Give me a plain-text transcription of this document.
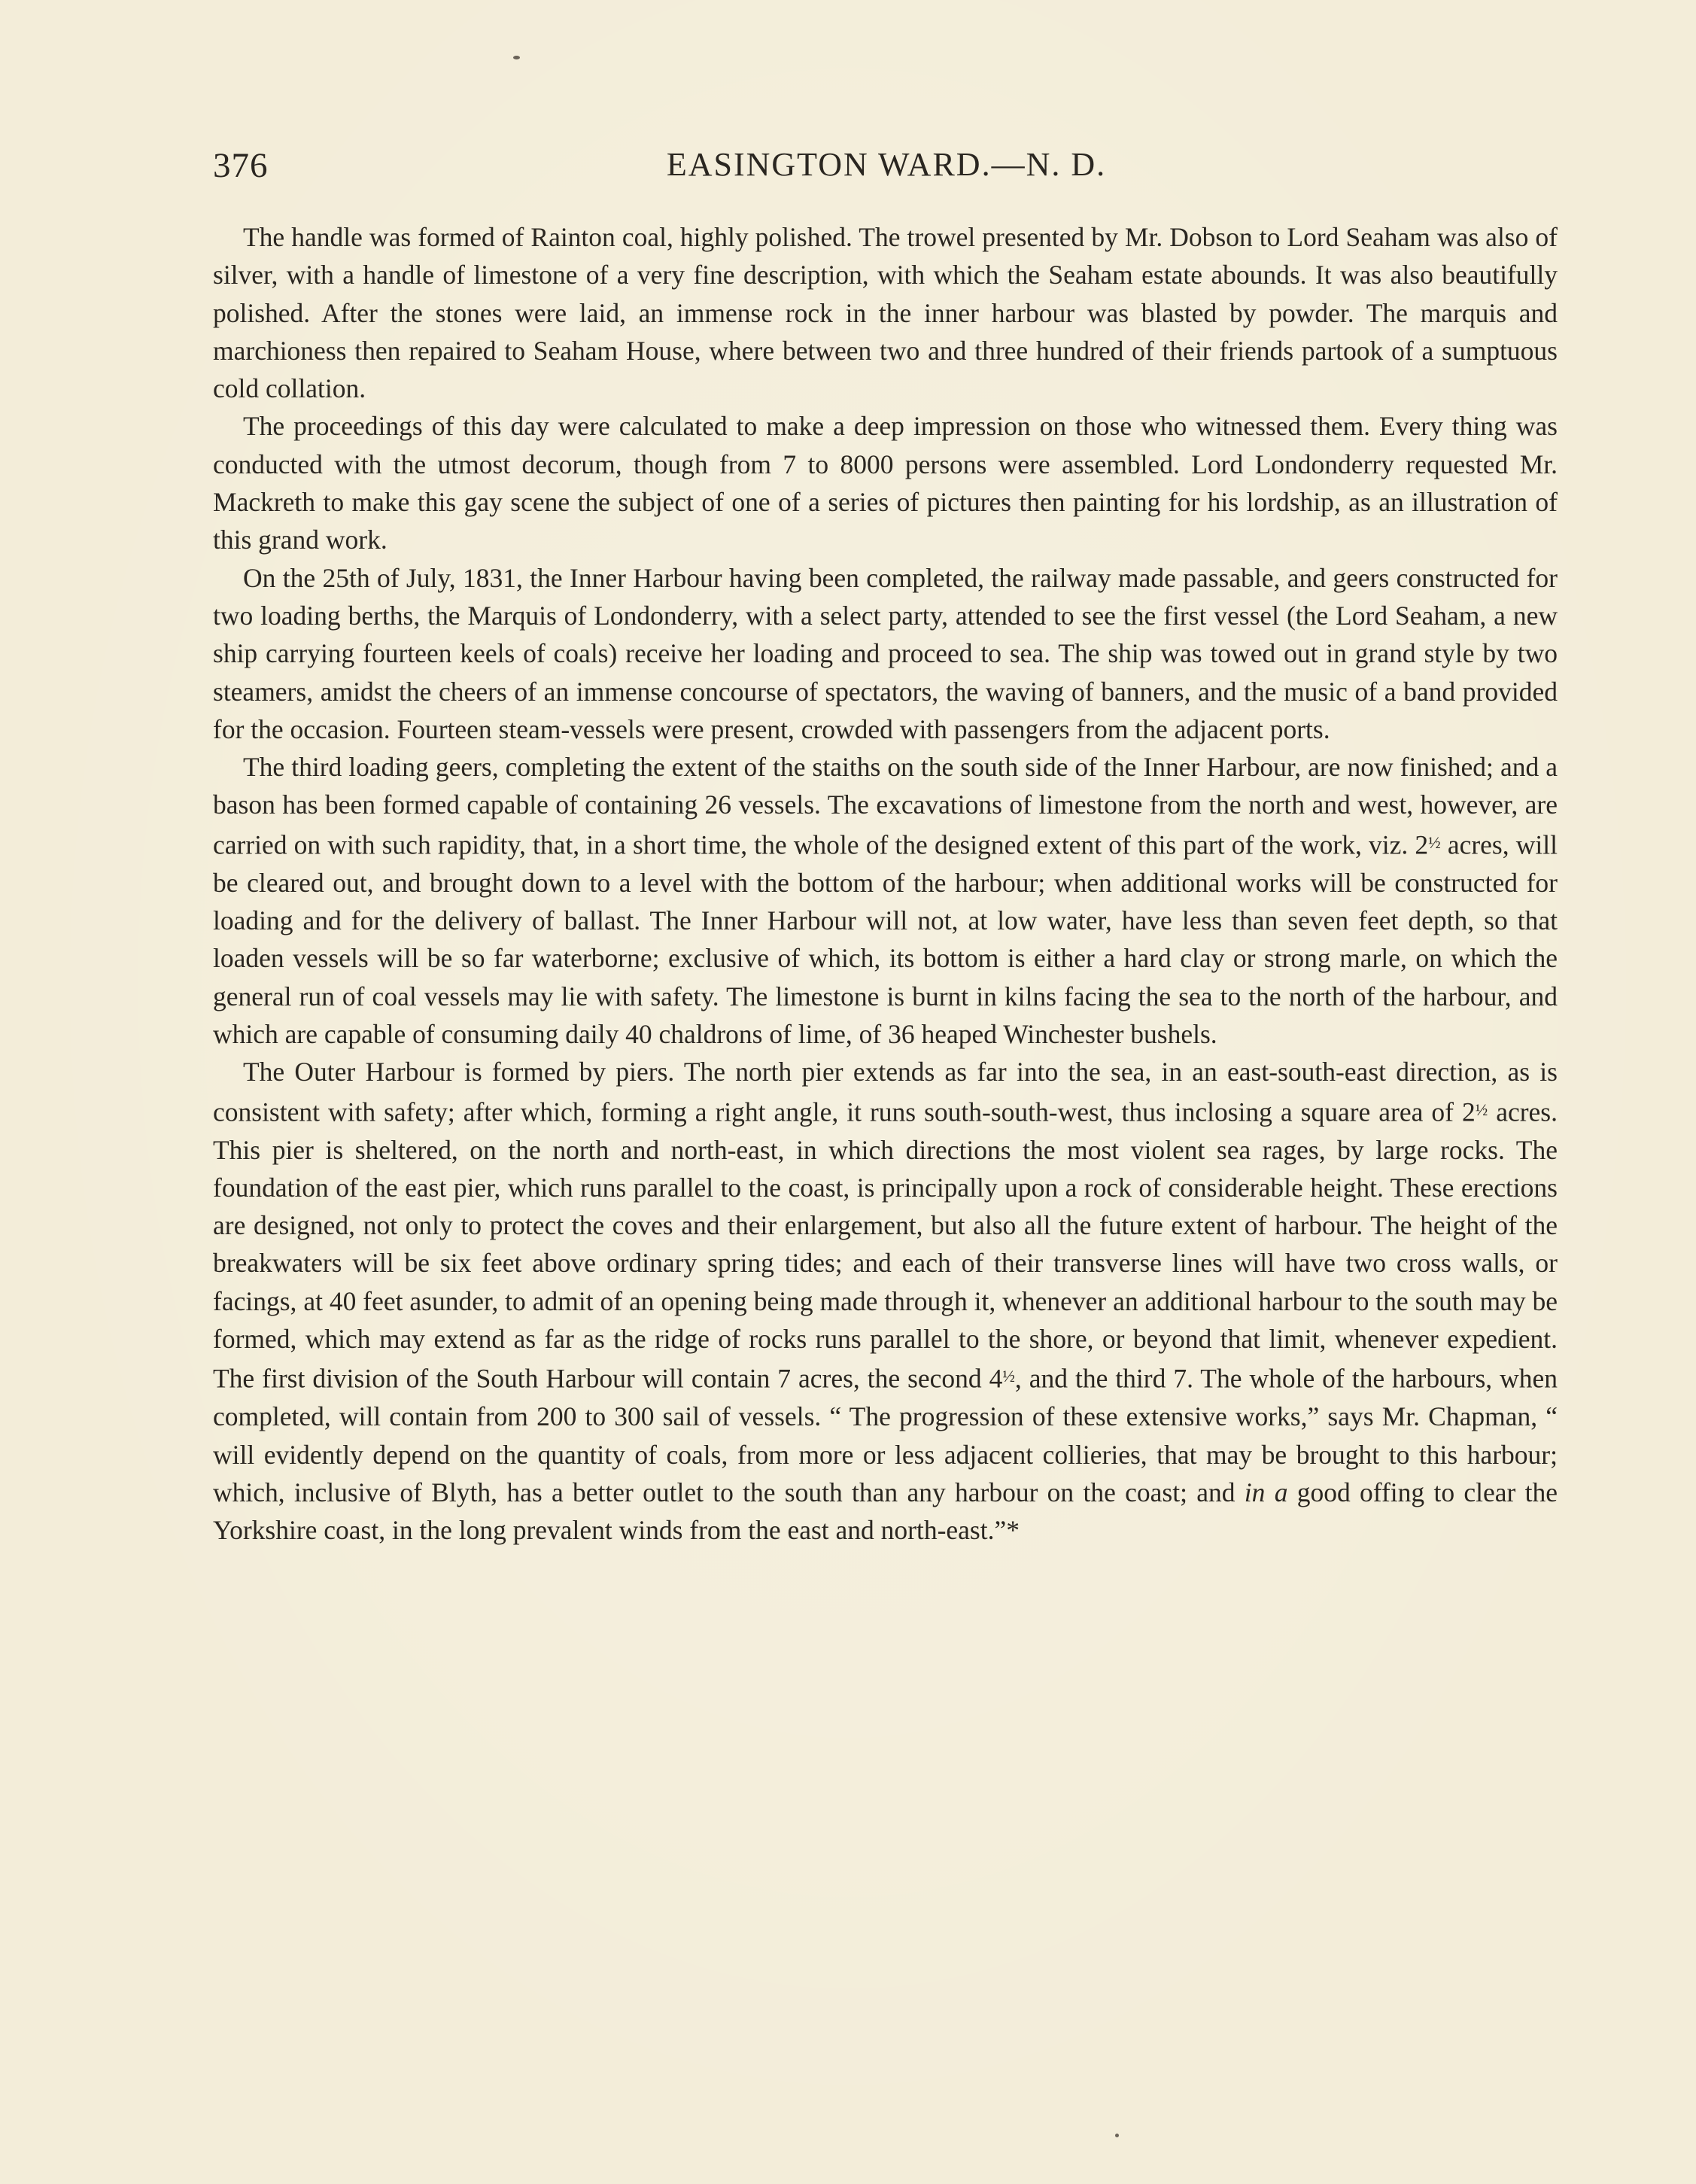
376	EASINGTON WARD.—N. D.

The handle was formed of Rainton coal, highly polished. The trowel presented by Mr. Dobson to Lord Seaham was also of silver, with a handle of limestone of a very fine description, with which the Seaham estate abounds. It was also beautifully polished. After the stones were laid, an immense rock in the inner harbour was blasted by powder. The marquis and marchioness then repaired to Seaham House, where between two and three hundred of their friends partook of a sumptuous cold collation.

The proceedings of this day were calculated to make a deep impression on those who witnessed them. Every thing was conducted with the utmost decorum, though from 7 to 8000 persons were assembled. Lord Londonderry requested Mr. Mackreth to make this gay scene the subject of one of a series of pictures then painting for his lordship, as an illustration of this grand work.

On the 25th of July, 1831, the Inner Harbour having been completed, the railway made passable, and geers constructed for two loading berths, the Marquis of Londonderry, with a select party, attended to see the first vessel (the Lord Seaham, a new ship carrying fourteen keels of coals) receive her loading and proceed to sea. The ship was towed out in grand style by two steamers, amidst the cheers of an immense concourse of spectators, the waving of banners, and the music of a band provided for the occasion. Fourteen steam-vessels were present, crowded with passengers from the adjacent ports.

The third loading geers, completing the extent of the staiths on the south side of the Inner Harbour, are now finished; and a bason has been formed capable of containing 26 vessels. The excavations of limestone from the north and west, however, are carried on with such rapidity, that, in a short time, the whole of the designed extent of this part of the work, viz. $2^{\frac{1}{2}}$ acres, will be cleared out, and brought down to a level with the bottom of the harbour; when additional works will be constructed for loading and for the delivery of ballast. The Inner Harbour will not, at low water, have less than seven feet depth, so that loaden vessels will be so far waterborne; exclusive of which, its bottom is either a hard clay or strong marle, on which the general run of coal vessels may lie with safety. The limestone is burnt in kilns facing the sea to the north of the harbour, and which are capable of consuming daily 40 chaldrons of lime, of 36 heaped Winchester bushels.

The Outer Harbour is formed by piers. The north pier extends as far into the sea, in an east-south-east direction, as is consistent with safety; after which, forming a right angle, it runs south-south-west, thus inclosing a square area of $2^{\frac{1}{2}}$ acres. This pier is sheltered, on the north and north-east, in which directions the most violent sea rages, by large rocks. The foundation of the east pier, which runs parallel to the coast, is principally upon a rock of considerable height. These erections are designed, not only to protect the coves and their enlargement, but also all the future extent of harbour. The height of the breakwaters will be six feet above ordinary spring tides; and each of their transverse lines will have two cross walls, or facings, at 40 feet asunder, to admit of an opening being made through it, whenever an additional harbour to the south may be formed, which may extend as far as the ridge of rocks runs parallel to the shore, or beyond that limit, whenever expedient. The first division of the South Harbour will contain 7 acres, the second $4^{\frac{1}{2}}$, and the third 7. The whole of the harbours, when completed, will contain from 200 to 300 sail of vessels. “ The progression of these extensive works,” says Mr. Chapman, “ will evidently depend on the quantity of coals, from more or less adjacent collieries, that may be brought to this harbour; which, inclusive of Blyth, has a better outlet to the south than any harbour on the coast; and in a good offing to clear the Yorkshire coast, in the long prevalent winds from the east and north-east.”*
